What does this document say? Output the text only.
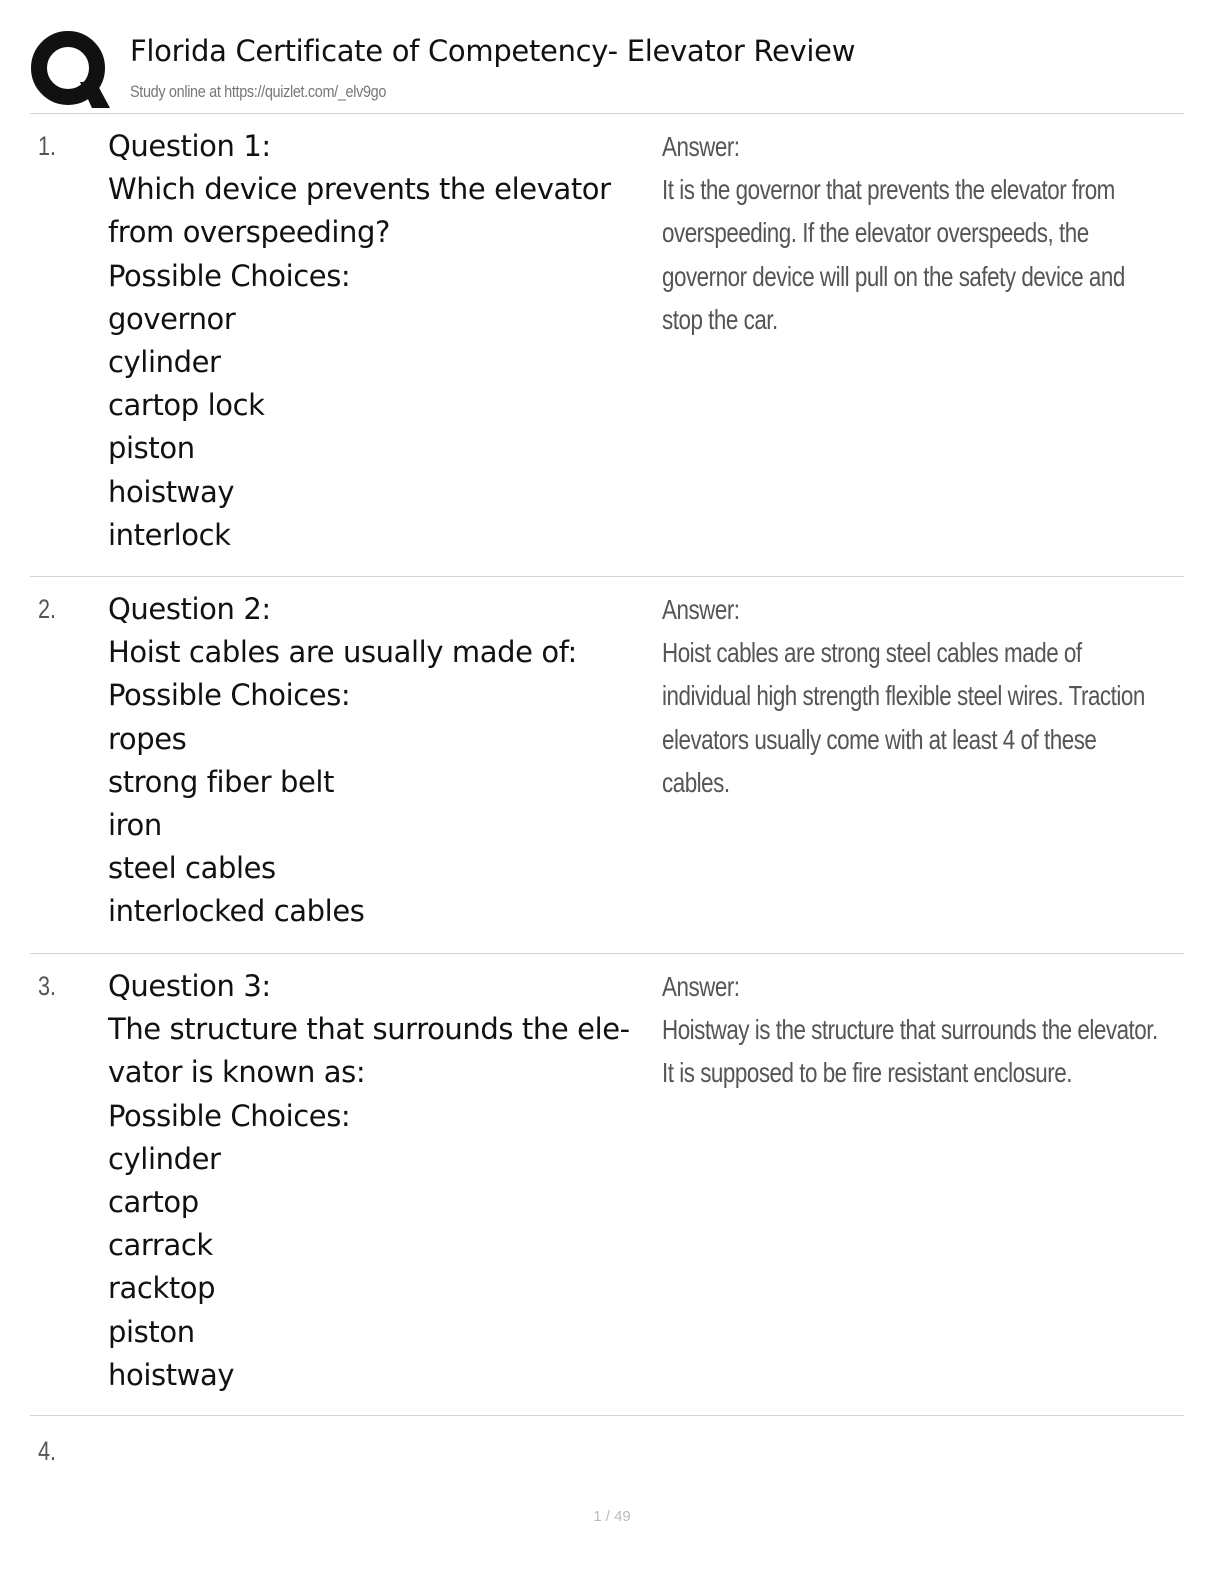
Florida Certificate of Competency- Elevator Review
Study online at https://quizlet.com/_elv9go
1. Question 1:
Which device prevents the elevator
from overspeeding?
Possible Choices:
governor
cylinder
cartop lock
piston
hoistway
interlock
Answer:
It is the governor that prevents the elevator from overspeeding. If the elevator overspeeds, the governor device will pull on the safety device and stop the car.
2. Question 2:
Hoist cables are usually made of:
Possible Choices:
ropes
strong fiber belt
iron
steel cables
interlocked cables
Answer:
Hoist cables are strong steel cables made of individual high strength flexible steel wires. Traction elevators usually come with at least 4 of these cables.
3. Question 3:
The structure that surrounds the ele-
vator is known as:
Possible Choices:
cylinder
cartop
carrack
racktop
piston
hoistway
Answer:
Hoistway is the structure that surrounds the elevator. It is supposed to be fire resistant enclosure.
4.
1 / 49
